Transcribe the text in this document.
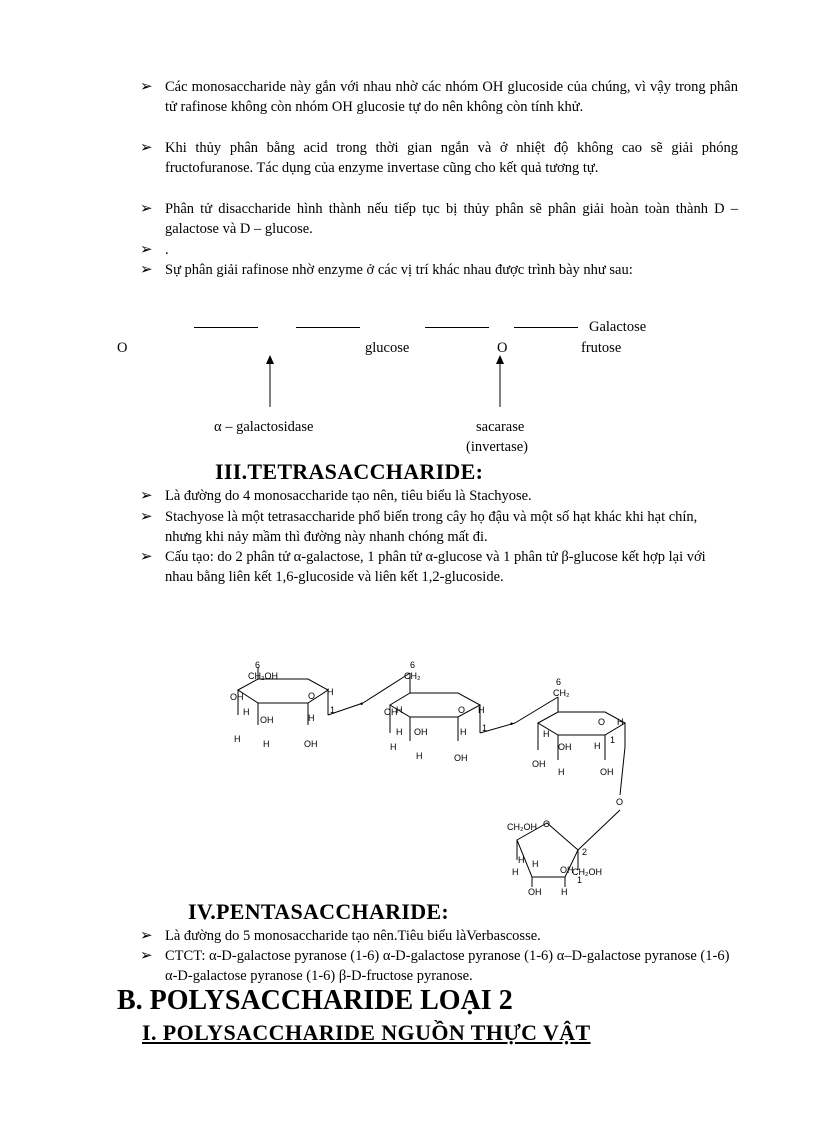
➢ Các monosaccharide này gắn với nhau nhờ các nhóm OH glucoside của chúng, vì vậy trong phân tử rafinose không còn nhóm OH glucosie tự do nên không còn tính khử.
➢ Khi thủy phân bằng acid trong thời gian ngắn và ở nhiệt độ không cao sẽ giải phóng fructofuranose. Tác dụng của enzyme invertase cũng cho kết quả tương tự.
➢ Phân tử disaccharide hình thành nếu tiếp tục bị thủy phân sẽ phân giải hoàn toàn thành D – galactose và D – glucose.
➢ .
➢ Sự phân giải rafinose nhờ enzyme ở các vị trí khác nhau được trình bày như sau:
Galactose
O	glucose	O	frutose
α – galactosidase	sacarase
(invertase)
III.TETRASACCHARIDE:
➢ Là đường do 4 monosaccharide tạo nên, tiêu biểu là Stachyose.
➢ Stachyose là một tetrasaccharide phổ biến trong cây họ đậu và một số hạt khác khi hạt chín, nhưng khi nảy mầm thì đường này nhanh chóng mất đi.
➢ Cấu tạo: do 2 phân tử α-galactose, 1 phân tử α-glucose và 1 phân tử β-glucose kết hợp lại với nhau bằng liên kết 1,6-glucoside và liên kết 1,2-glucoside.
6
CH₂OH
OH	O H
1
H
OH	H
H	H	OH
•
6
CH₂
OH
H	O H
1
H OH	H
H
H	OH
•
6
CH₂
O H
H
1
OH	H
OH
H	OH
O
CH₂OH O
2
H H
OH
CH₂OH
H
OH H
1
IV.PENTASACCHARIDE:
➢ Là đường do 5 monosaccharide tạo nên.Tiêu biểu làVerbascosse.
➢ CTCT: α-D-galactose pyranose (1-6) α-D-galactose pyranose (1-6) α–D-galactose pyranose (1-6) α-D-galactose pyranose (1-6) β-D-fructose pyranose.
B. POLYSACCHARIDE LOẠI 2
I. POLYSACCHARIDE NGUỒN THỰC VẬT
